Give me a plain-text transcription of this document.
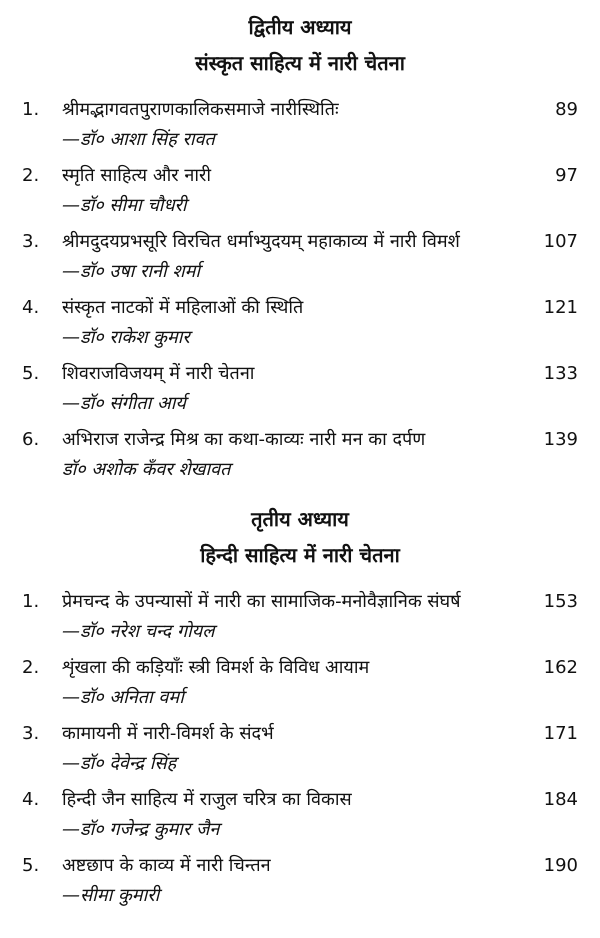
द्वितीय अध्याय
संस्कृत साहित्य में नारी चेतना
1. श्रीमद्भागवतपुराणकालिकसमाजे नारीस्थितिः	89
—डॉ० आशा सिंह रावत
2. स्मृति साहित्य और नारी	97
—डॉ० सीमा चौधरी
3. श्रीमदुदयप्रभसूरि विरचित धर्माभ्युदयम् महाकाव्य में नारी विमर्श	107
—डॉ० उषा रानी शर्मा
4. संस्कृत नाटकों में महिलाओं की स्थिति	121
—डॉ० राकेश कुमार
5. शिवराजविजयम् में नारी चेतना	133
—डॉ० संगीता आर्य
6. अभिराज राजेन्द्र मिश्र का कथा-काव्यः नारी मन का दर्पण	139
डॉ० अशोक कँवर शेखावत
तृतीय अध्याय
हिन्दी साहित्य में नारी चेतना
1. प्रेमचन्द के उपन्यासों में नारी का सामाजिक-मनोवैज्ञानिक संघर्ष	153
—डॉ० नरेश चन्द गोयल
2. शृंखला की कड़ियाँः स्त्री विमर्श के विविध आयाम	162
—डॉ० अनिता वर्मा
3. कामायनी में नारी-विमर्श के संदर्भ	171
—डॉ० देवेन्द्र सिंह
4. हिन्दी जैन साहित्य में राजुल चरित्र का विकास	184
—डॉ० गजेन्द्र कुमार जैन
5. अष्टछाप के काव्य में नारी चिन्तन	190
—सीमा कुमारी
